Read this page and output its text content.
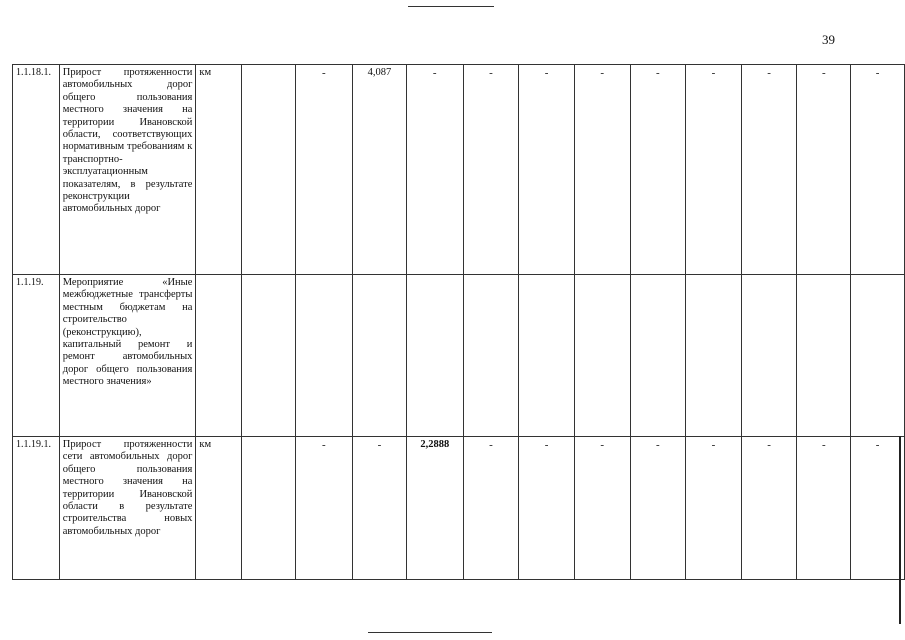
39
1.1.18.1.	Прирост протяженности автомобильных дорог общего пользования местного значения на территории Ивановской области, соответствующих нормативным требованиям к транспортно-эксплуатационным показателям, в результате реконструкции автомобильных дорог	км		-	4,087	-	-	-	-	-	-	-	-	-
1.1.19.	Мероприятие «Иные межбюджетные трансферты местным бюджетам на строительство (реконструкцию), капитальный ремонт и ремонт автомобильных дорог общего пользования местного значения»													
1.1.19.1.	Прирост протяженности сети автомобильных дорог общего пользования местного значения на территории Ивановской области в результате строительства новых автомобильных дорог	км		-	-	2,2888	-	-	-	-	-	-	-	-
